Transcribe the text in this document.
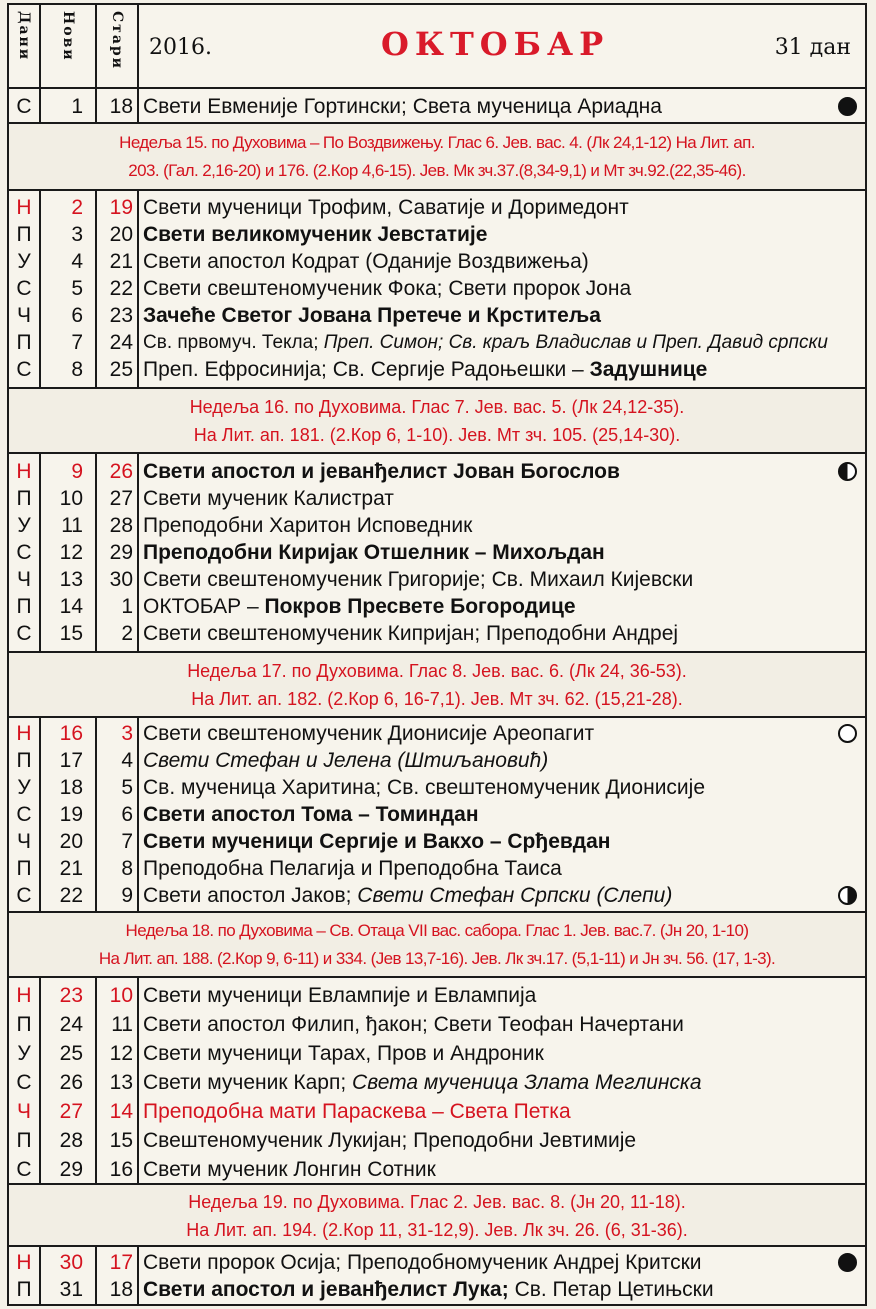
Дани Нови Стари 2016.	ОКТОБАР	31 дан
С	1	18 Свети Евменије Гортински; Света мученица Ариадна
Недеља 15. по Духовима – По Воздвижењу. Глас 6. Јев. вас. 4. (Лк 24,1-12) На Лит. ап.
203. (Гал. 2,16-20) и 176. (2.Кор 4,6-15). Јев. Мк зч.37.(8,34-9,1) и Мт зч.92.(22,35-46).
Н	2	19 Свети мученици Трофим, Саватије и Доримедонт
П	3	20 Свети великомученик Јевстатије
У	4	21 Свети апостол Кодрат (Оданије Воздвижења)
С	5	22 Свети свештеномученик Фока; Свети пророк Јона
Ч	6	23 Зачеће Светог Јована Претече и Крститеља
П	7	24 Св. првомуч. Текла; Преп. Симон; Св. краљ Владислав и Преп. Давид српски
С	8	25 Преп. Ефросинија; Св. Сергије Радоњешки – Задушнице
Недеља 16. по Духовима. Глас 7. Јев. вас. 5. (Лк 24,12-35).
На Лит. ап. 181. (2.Кор 6, 1-10). Јев. Мт зч. 105. (25,14-30).
Н	9	26 Свети апостол и јеванђелист Јован Богослов
П	10	27 Свети мученик Калистрат
У	11	28 Преподобни Харитон Исповедник
С	12	29 Преподобни Киријак Отшелник – Михољдан
Ч	13	30 Свети свештеномученик Григорије; Св. Михаил Кијевски
П	14	1 ОКТОБАР – Покров Пресвете Богородице
С	15	2 Свети свештеномученик Кипријан; Преподобни Андреј
Недеља 17. по Духовима. Глас 8. Јев. вас. 6. (Лк 24, 36-53).
На Лит. ап. 182. (2.Кор 6, 16-7,1). Јев. Мт зч. 62. (15,21-28).
Н	16	3 Свети свештеномученик Дионисије Ареопагит
П	17	4 Свети Стефан и Јелена (Штиљановић)
У	18	5 Св. мученица Харитина; Св. свештеномученик Дионисије
С	19	6 Свети апостол Тома – Томиндан
Ч	20	7 Свети мученици Сергије и Вакхо – Срђевдан
П	21	8 Преподобна Пелагија и Преподобна Таиса
С	22	9 Свети апостол Јаков; Свети Стефан Српски (Слепи)
Недеља 18. по Духовима – Св. Отаца VII вас. сабора. Глас 1. Јев. вас.7. (Јн 20, 1-10)
На Лит. ап. 188. (2.Кор 9, 6-11) и 334. (Јев 13,7-16). Јев. Лк зч.17. (5,1-11) и Јн зч. 56. (17, 1-3).
Н	23	10 Свети мученици Евлампије и Евлампија
П	24	11 Свети апостол Филип, ђакон; Свети Теофан Начертани
У	25	12 Свети мученици Тарах, Пров и Андроник
С	26	13 Свети мученик Карп; Света мученица Злата Мeглинска
Ч	27	14 Преподобна мати Параскева – Света Петка
П	28	15 Свештеномученик Лукијан; Преподобни Јевтимије
С	29	16 Свети мученик Лонгин Сотник
Недеља 19. по Духовима. Глас 2. Јев. вас. 8. (Јн 20, 11-18).
На Лит. ап. 194. (2.Кор 11, 31-12,9). Јев. Лк зч. 26. (6, 31-36).
Н	30	17 Свети пророк Осија; Преподобномученик Андреј Критски
П	31	18 Свети апостол и јеванђелист Лука; Св. Петар Цетињски
